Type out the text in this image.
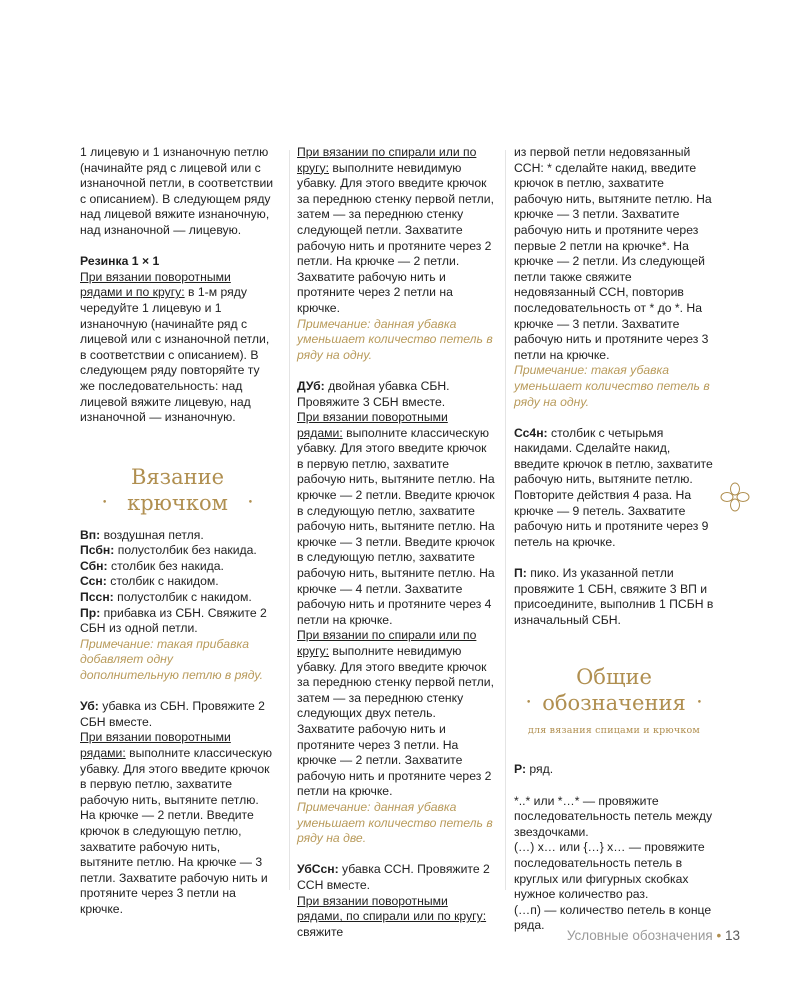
1 лицевую и 1 изнаночную петлю (начинайте ряд с лицевой или с изнаночной петли, в соответствии с описанием). В следующем ряду над лицевой вяжите изнаночную, над изнаночной — лицевую.

Резинка 1 × 1

При вязании поворотными рядами и по кругу: в 1-м ряду чередуйте 1 лицевую и 1 изнаночную (начинайте ряд с лицевой или с изнаночной петли, в соответствии с описанием). В следующем ряду повторяйте ту же последовательность: над лицевой вяжите лицевую, над изнаночной — изнаночную.

•
Вязание
крючком	•

Вп: воздушная петля.

Псбн: полустолбик без накида.

Сбн: столбик без накида.

Ссн: столбик с накидом.

Пссн: полустолбик с накидом.

Пр: прибавка из СБН. Свяжите 2 СБН из одной петли.

Примечание: такая прибавка добавляет одну дополнительную петлю в ряду.

Уб: убавка из СБН. Провяжите 2 СБН вместе.

При вязании поворотными рядами: выполните классическую убавку. Для этого введите крючок в первую петлю, захватите рабочую нить, вытяните петлю. На крючке — 2 петли. Введите крючок в следующую петлю, захватите рабочую нить, вытяните петлю. На крючке — 3 петли. Захватите рабочую нить и протяните через 3 петли на крючке.

При вязании по спирали или по кругу: выполните невидимую убавку. Для этого введите крючок за переднюю стенку первой петли, затем — за переднюю стенку следующей петли. Захватите рабочую нить и протяните через 2 петли. На крючке — 2 петли. Захватите рабочую нить и протяните через 2 петли на крючке.

Примечание: данная убавка уменьшает количество петель в ряду на одну.

ДУб: двойная убавка СБН. Провяжите 3 СБН вместе.

При вязании поворотными рядами: выполните классическую убавку. Для этого введите крючок в первую петлю, захватите рабочую нить, вытяните петлю. На крючке — 2 петли. Введите крючок в следующую петлю, захватите рабочую нить, вытяните петлю. На крючке — 3 петли. Введите крючок в следующую петлю, захватите рабочую нить, вытяните петлю. На крючке — 4 петли. Захватите рабочую нить и протяните через 4 петли на крючке.

При вязании по спирали или по кругу: выполните невидимую убавку. Для этого введите крючок за переднюю стенку первой петли, затем — за переднюю стенку следующих двух петель. Захватите рабочую нить и протяните через 3 петли. На крючке — 2 петли. Захватите рабочую нить и протяните через 2 петли на крючке.

Примечание: данная убавка уменьшает количество петель в ряду на две.

УбСсн: убавка ССН. Провяжите 2 ССН вместе.

При вязании поворотными рядами, по спирали или по кругу: свяжите

из первой петли недовязанный ССН: * сделайте накид, введите крючок в петлю, захватите рабочую нить, вытяните петлю. На крючке — 3 петли. Захватите рабочую нить и протяните через первые 2 петли на крючке*. На крючке — 2 петли. Из следующей петли также свяжите недовязанный ССН, повторив последовательность от * до *. На крючке — 3 петли. Захватите рабочую нить и протяните через 3 петли на крючке.

Примечание: такая убавка уменьшает количество петель в ряду на одну.

Сс4н: столбик с четырьмя накидами. Сделайте накид, введите крючок в петлю, захватите рабочую нить, вытяните петлю. Повторите действия 4 раза. На крючке — 9 петель. Захватите рабочую нить и протяните через 9 петель на крючке.

П: пико. Из указанной петли провяжите 1 СБН, свяжите 3 ВП и присоедините, выполнив 1 ПСБН в изначальный СБН.

•
Общие
обозначения	•
для вязания спицами и крючком

Р: ряд.

*..* или *…* — провяжите последовательность петель между звездочками.

(…) х… или {…} х… — провяжите последовательность петель в круглых или фигурных скобках нужное количество раз.

(…п) — количество петель в конце ряда.

Условные обозначения • 13
